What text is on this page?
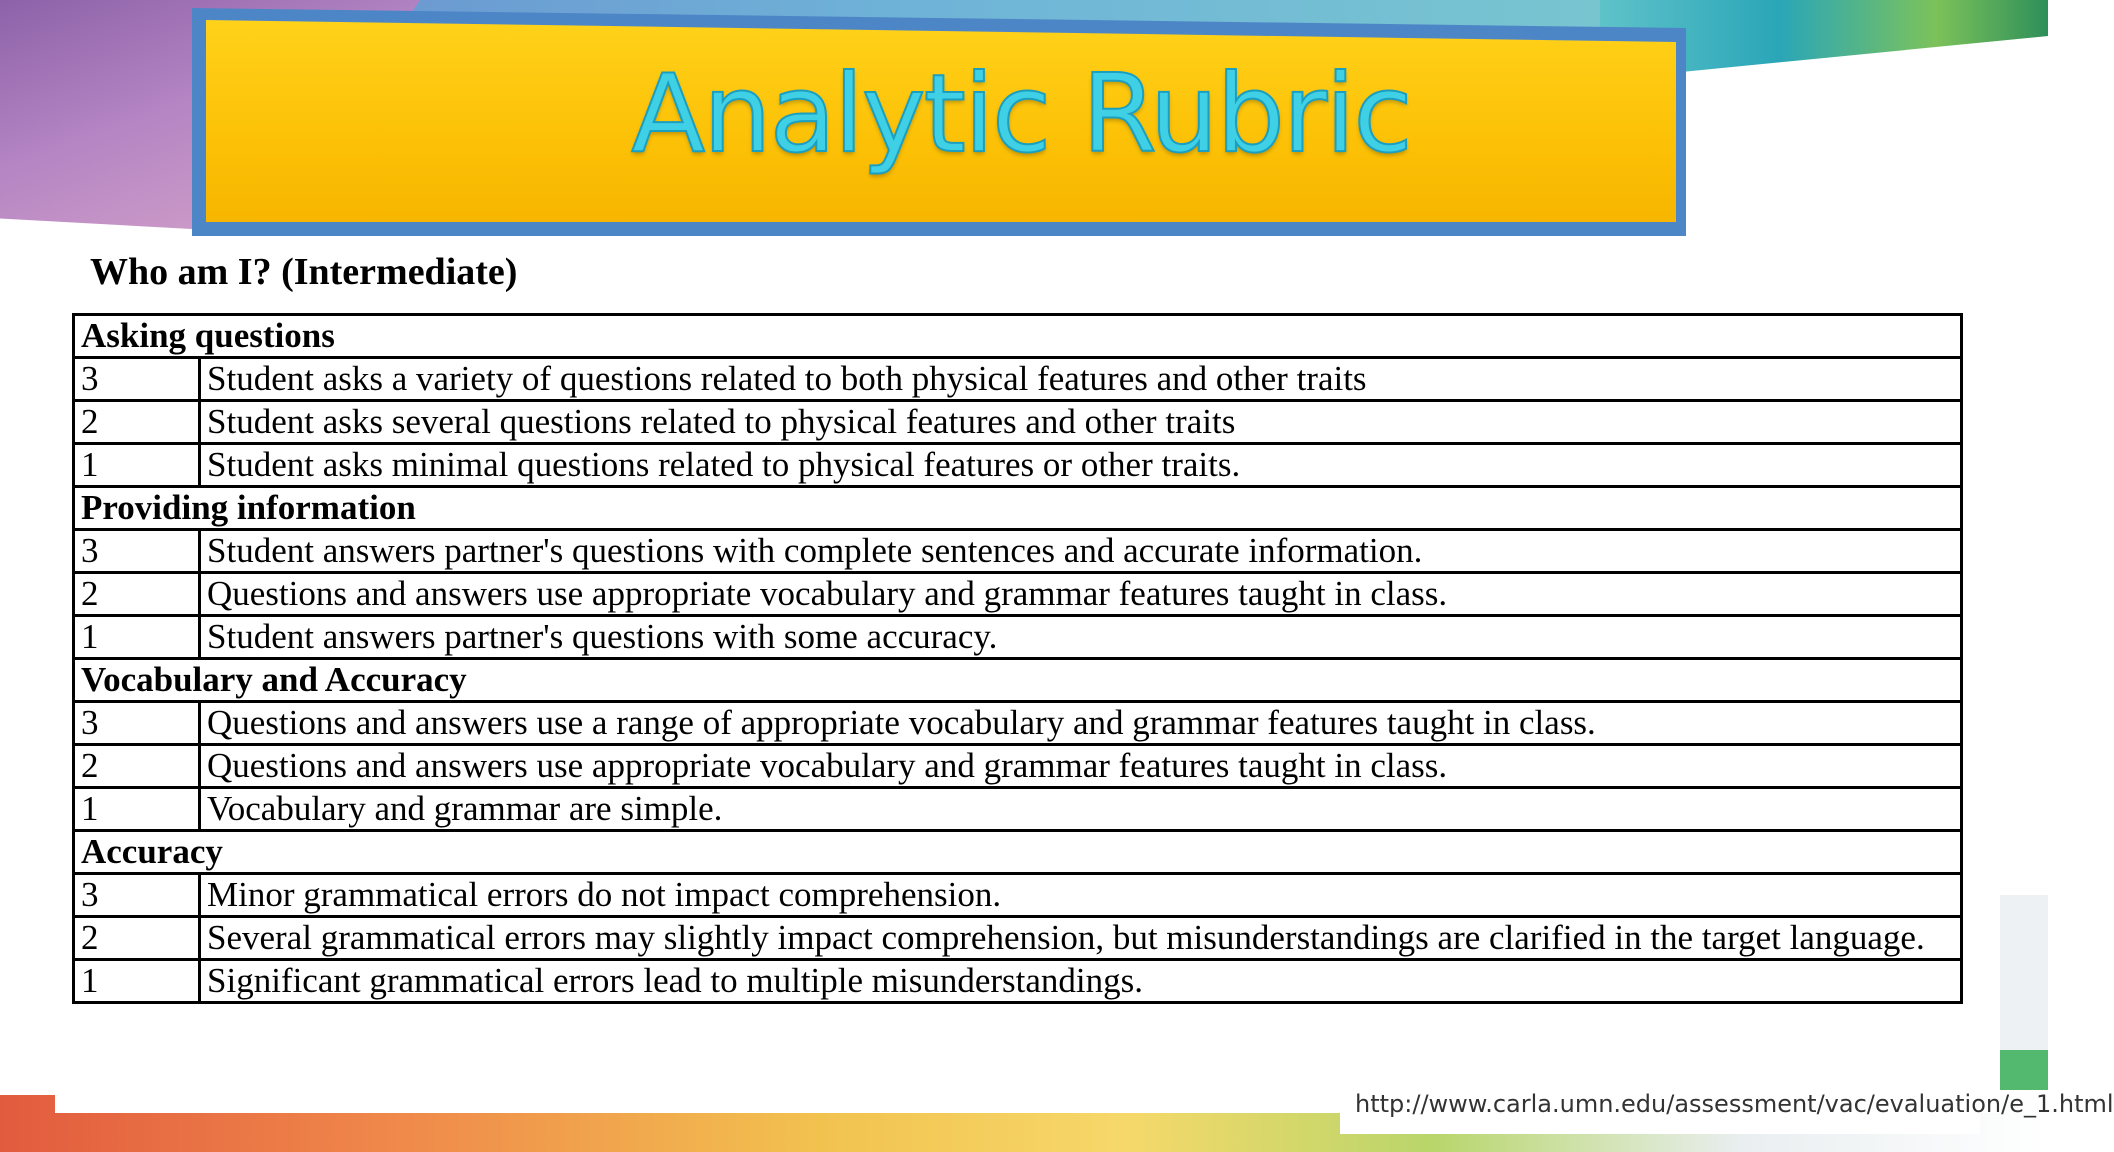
Analytic Rubric
Who am I? (Intermediate)
Asking questions	
3	Student asks a variety of questions related to both physical features and other traits
2	Student asks several questions related to physical features and other traits
1	Student asks minimal questions related to physical features or other traits.
Providing information	
3	Student answers partner's questions with complete sentences and accurate information.
2	Questions and answers use appropriate vocabulary and grammar features taught in class.
1	Student answers partner's questions with some accuracy.
Vocabulary and Accuracy	
3	Questions and answers use a range of appropriate vocabulary and grammar features taught in class.
2	Questions and answers use appropriate vocabulary and grammar features taught in class.
1	Vocabulary and grammar are simple.
Accuracy	
3	Minor grammatical errors do not impact comprehension.
2	Several grammatical errors may slightly impact comprehension, but misunderstandings are clarified in the target language.
1	Significant grammatical errors lead to multiple misunderstandings.
http://www.carla.umn.edu/assessment/vac/evaluation/e_1.html
